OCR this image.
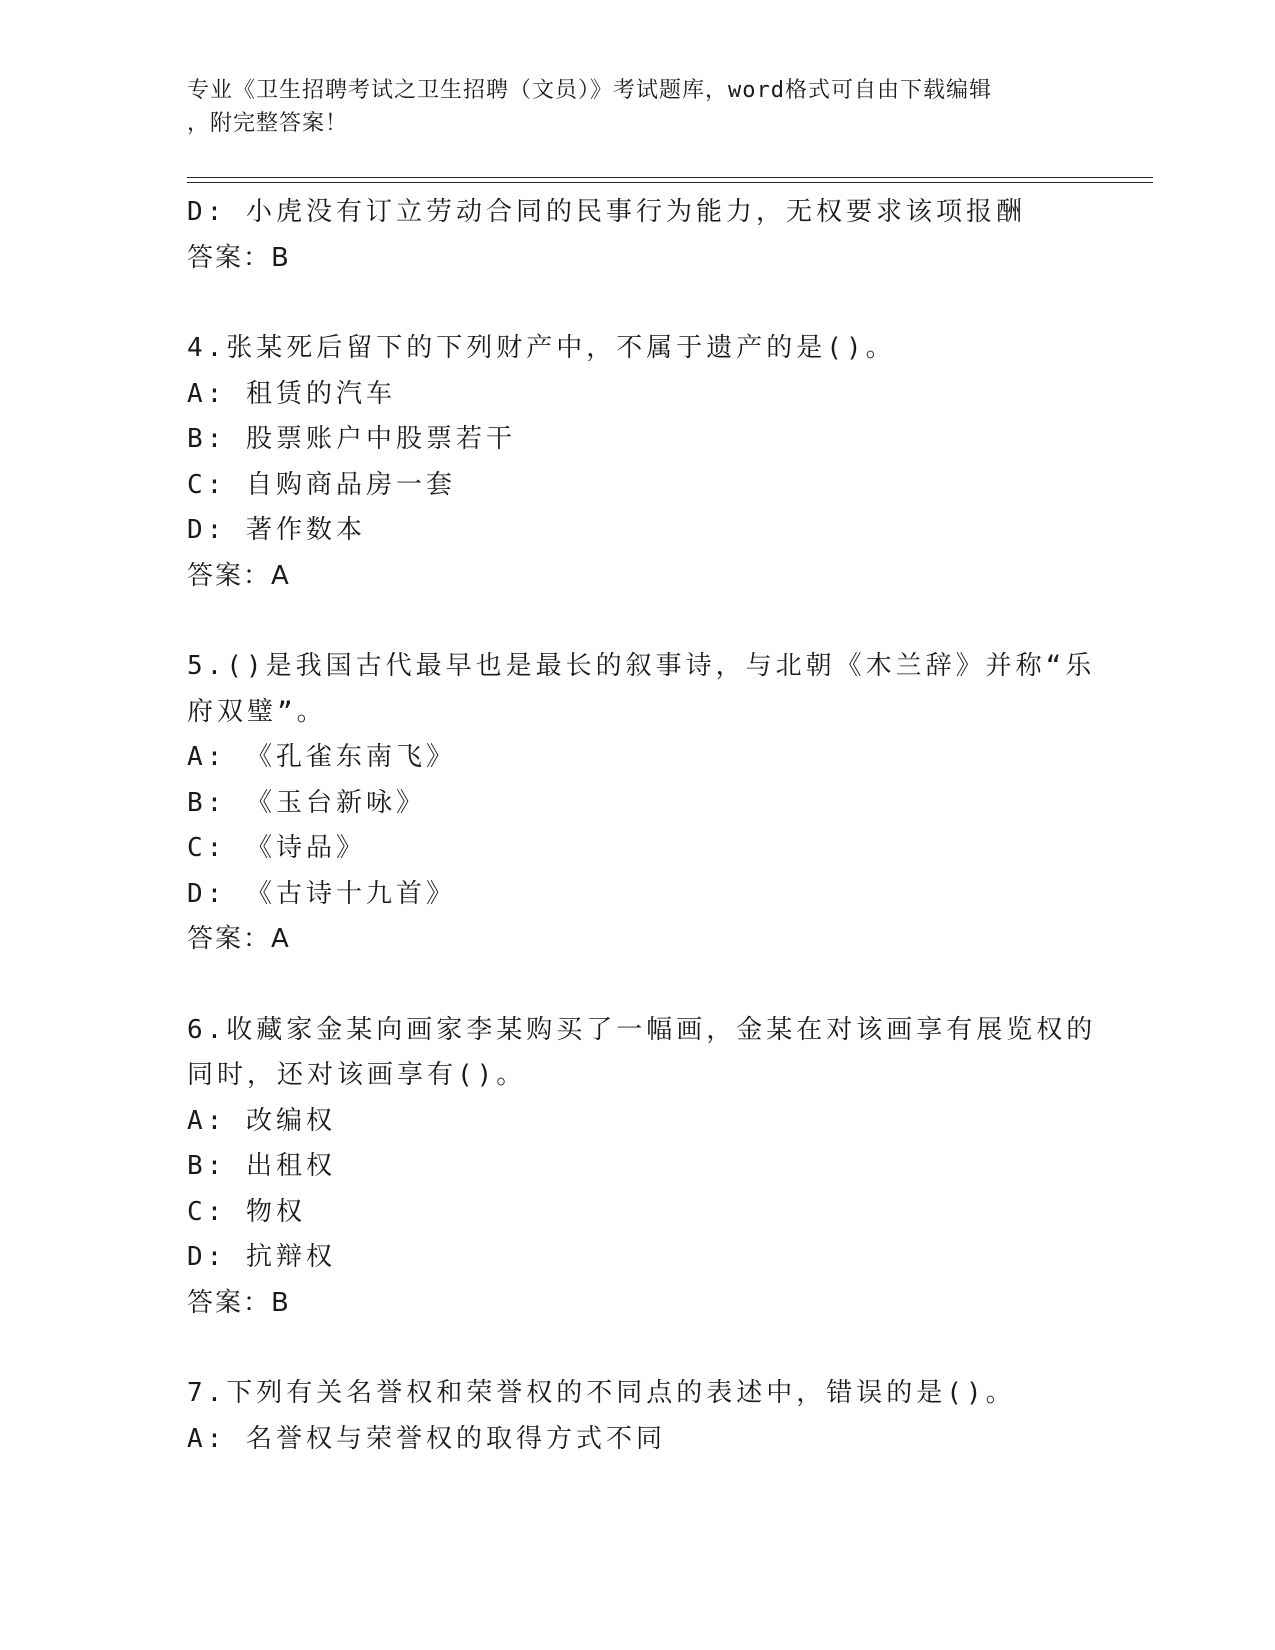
专业《卫生招聘考试之卫生招聘（文员）》考试题库，word格式可自由下载编辑
，附完整答案！
D: 小虎没有订立劳动合同的民事行为能力，无权要求该项报酬
答案：B
4.张某死后留下的下列财产中，不属于遗产的是()。
A: 租赁的汽车
B: 股票账户中股票若干
C: 自购商品房一套
D: 著作数本
答案：A
5.()是我国古代最早也是最长的叙事诗，与北朝《木兰辞》并称“乐
府双璧”。
A: 《孔雀东南飞》
B: 《玉台新咏》
C: 《诗品》
D: 《古诗十九首》
答案：A
6.收藏家金某向画家李某购买了一幅画，金某在对该画享有展览权的
同时，还对该画享有()。
A: 改编权
B: 出租权
C: 物权
D: 抗辩权
答案：B
7.下列有关名誉权和荣誉权的不同点的表述中，错误的是()。
A: 名誉权与荣誉权的取得方式不同
